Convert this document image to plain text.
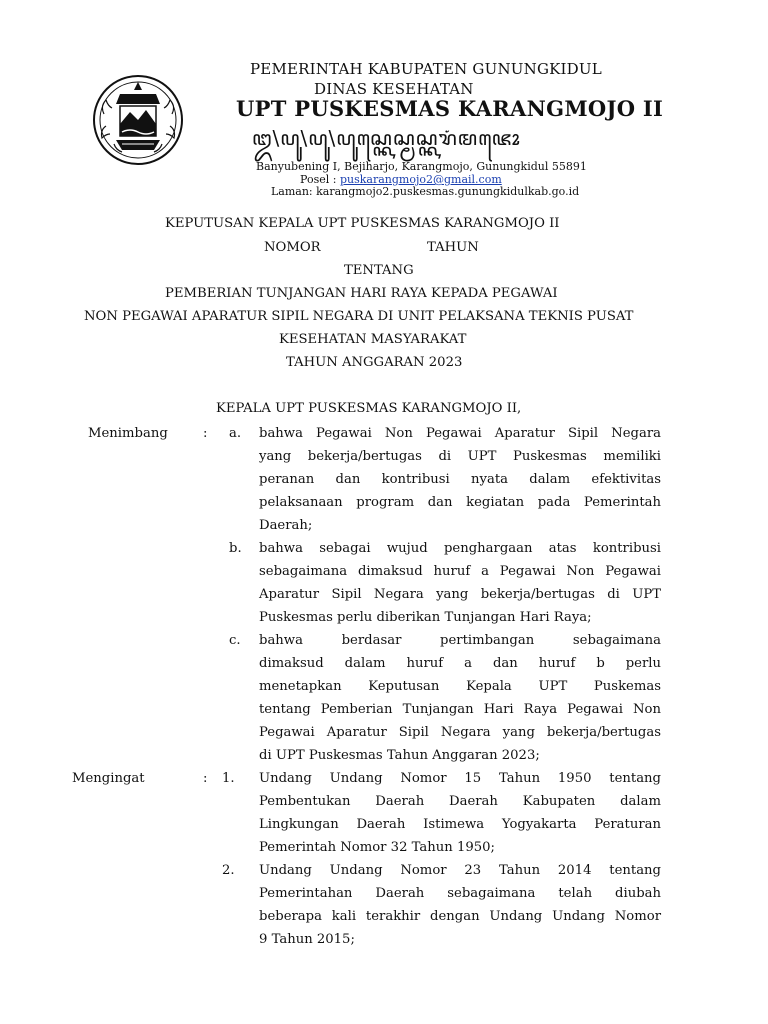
PEMERINTAH KABUPATEN GUNUNGKIDUL
DINAS KESEHATAN
UPT PUSKESMAS KARANGMOJO II
ꦈ\ꦥꦸ\ꦥꦸ\ꦥꦸꦱ꧀ꦏꦺꦱ꧀ꦩꦱ꧀ꦏꦫꦁꦩꦗꦺꦴ
Banyubening I, Bejiharjo, Karangmojo, Gunungkidul 55891
Posel : puskarangmojo2@gmail.com
Laman: karangmojo2.puskesmas.gunungkidulkab.go.id
KEPUTUSAN KEPALA UPT PUSKESMAS KARANGMOJO II
NOMOR	TAHUN
TENTANG
PEMBERIAN TUNJANGAN HARI RAYA KEPADA PEGAWAI
NON PEGAWAI APARATUR SIPIL NEGARA DI UNIT PELAKSANA TEKNIS PUSAT
KESEHATAN MASYARAKAT
TAHUN ANGGARAN 2023
KEPALA UPT PUSKESMAS KARANGMOJO II,
Menimbang	: a. bahwa Pegawai Non Pegawai Aparatur Sipil Negara
yang bekerja/bertugas di UPT Puskesmas memiliki
peranan dan kontribusi nyata dalam efektivitas
pelaksanaan program dan kegiatan pada Pemerintah
Daerah;
b. bahwa sebagai wujud penghargaan atas kontribusi
sebagaimana dimaksud huruf a Pegawai Non Pegawai
Aparatur Sipil Negara yang bekerja/bertugas di UPT
Puskesmas perlu diberikan Tunjangan Hari Raya;
c. bahwa berdasar pertimbangan sebagaimana
dimaksud dalam huruf a dan huruf b perlu
menetapkan Keputusan Kepala UPT Puskemas
tentang Pemberian Tunjangan Hari Raya Pegawai Non
Pegawai Aparatur Sipil Negara yang bekerja/bertugas
di UPT Puskesmas Tahun Anggaran 2023;
Mengingat	: 1. Undang Undang Nomor 15 Tahun 1950 tentang
Pembentukan Daerah Daerah Kabupaten dalam
Lingkungan Daerah Istimewa Yogyakarta Peraturan
Pemerintah Nomor 32 Tahun 1950;
2. Undang Undang Nomor 23 Tahun 2014 tentang
Pemerintahan Daerah sebagaimana telah diubah
beberapa kali terakhir dengan Undang Undang Nomor
9 Tahun 2015;
